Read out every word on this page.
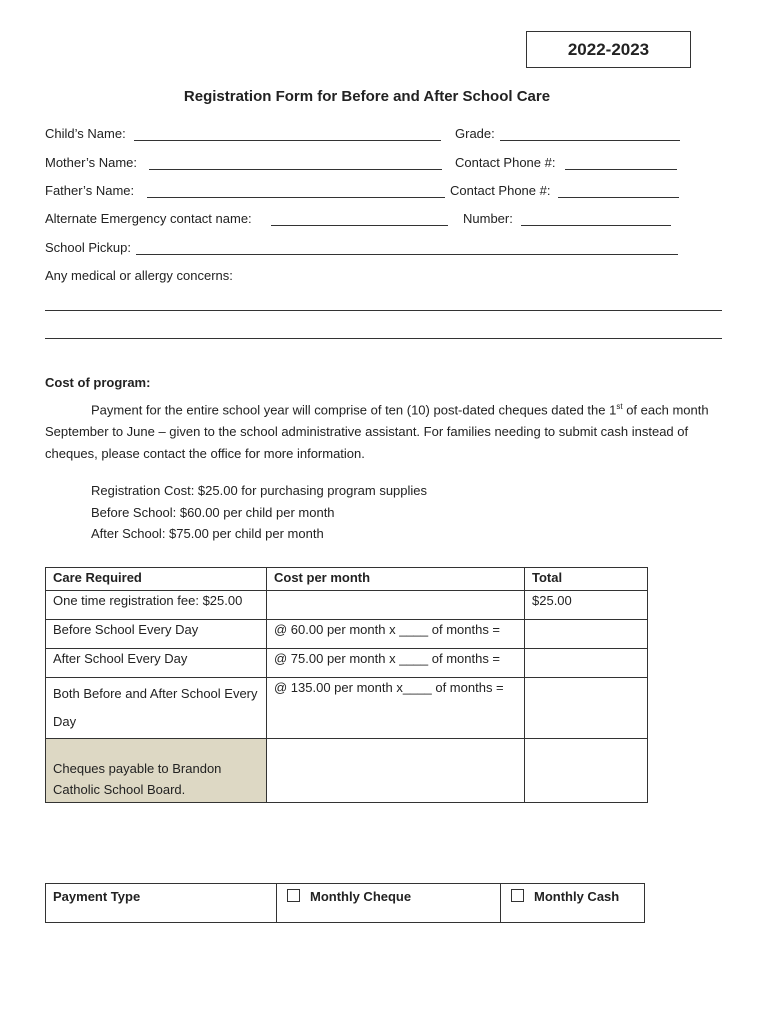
2022-2023
Registration Form for Before and After School Care
Child’s Name:	Grade:
Mother’s Name:	Contact Phone #:
Father’s Name:	Contact Phone #:
Alternate Emergency contact name:	Number:
School Pickup:
Any medical or allergy concerns:
Cost of program:
Payment for the entire school year will comprise of ten (10) post-dated cheques dated the 1st of each month September to June – given to the school administrative assistant. For families needing to submit cash instead of cheques, please contact the office for more information.
Registration Cost: $25.00 for purchasing program supplies
Before School: $60.00 per child per month
After School: $75.00 per child per month
Care Required	Cost per month	Total
One time registration fee: $25.00		$25.00
Before School Every Day	@ 60.00 per month x ____ of months =	
After School Every Day	@ 75.00 per month x ____ of months =	
Both Before and After School Every Day	@ 135.00 per month x____ of months =	
Cheques payable to Brandon Catholic School Board.		
Payment Type	Monthly Cheque	Monthly Cash
